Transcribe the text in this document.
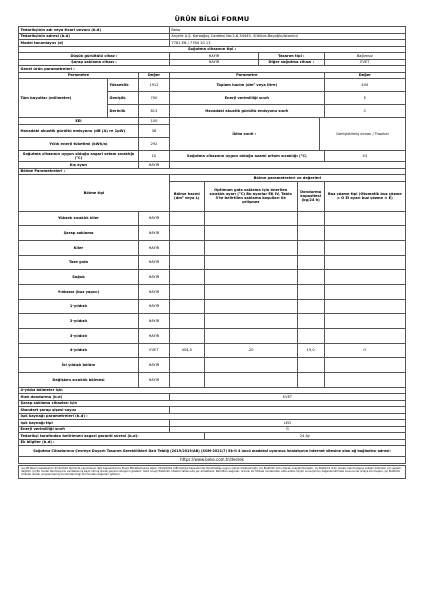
ÜRÜN BİLGİ FORMU
Tedarikçinin adı veya ticari unvanı (b.d)	Beko
Tedarikçinin adresi (b.d)	Arçelik A.Ş. Karaağaç Caddesi No:2-6,34445, Sütlüce-Beyoğlu/İstanbul
Model tanımlayıcı (d)	7781 EB / 7784 20 13
Soğutma cihazının tipi :
Düşük gürültülü cihaz :	HAYIR	Tasarım tipi :	Bağımsız
Şarap saklama cihazı :	HAYIR	Diğer soğutma cihazı :	EVET
Genel ürün parametreleri :
Parametre	Değer	Parametre	Değer
Tüm boyutlar (milimetre)	Yükseklik	1912	Toplam hacim (dm³ veya litre)	404
Genişlik	700	Enerji verimliliği sınıfı	E
Derinlik	813	Havadaki akustik gürültü emisyonu sınıfı	C
EEI	100	
İklim sınıfı :	Genişletilmiş ılıman / Tropikal

Havadaki akustik gürültü emisyonu (dB (A) re 1pW)	38
Yıllık enerji tüketimi (kWh/a)	292
Soğutma cihazının uygun olduğu asgari ortam sıcaklığı (°C)	10	Soğutma cihazının uygun olduğu azami ortam sıcaklığı (°C)	43
Kış ayarı	HAYIR	
Bölme Parametreleri :
Bölme tipi	Bölme parametreleri ve değerleri
Bölme hacmi (dm³ veya L)	Optimum gıda saklama için önerilen sıcaklık ayarı (°C) Bu ayarlar EK IV, Tablo 3'te belirtilen saklama koşulları ile çelişmez	Dondurma kapasitesi (kg/24 h)	Buz çözme tipi (Otomatik buz çözme = O El ayarı buz çözme = E)
Yüksek sıcaklık kiler	HAYIR				
Şarap saklama	HAYIR				
Kiler	HAYIR				
Taze gıda	HAYIR				
Soğuk	HAYIR				
Yıldızsız (buz yapıcı)	HAYIR				
1-yıldızlı	HAYIR				
2-yıldızlı	HAYIR				
3-yıldızlı	HAYIR				
4-yıldızlı	EVET	404,0	-20	19,0	O
İki yıldızlı bölüm	HAYIR				
Değişken sıcaklık bölmesi	HAYIR				
4-yıldız bölmeler için
Hızlı dondurma (b.d)	EVET
Şarap saklama cihazları için
Standart şarap şişesi sayısı	
Işık kaynağı parametreleri (b.d) :
Işık kaynağı tipi	LED
Enerji verimliliği sınıfı	G
Tedarikçi tarafından belirlenen asgari garanti süresi (b.d):	24 Ay
Ek bilgiler (b.d) :
Soğutma Cihazlarının Çevreye Duyarlı Tasarım Gereklilikleri Dair Tebliğ (2019/2019/AB) (SGM-2021/7) Ek-II 4 üncü maddesi uyarınca imalatçının internet sitesine olan ağ bağlantısı adresi:
https://www.beko.com.tr/destek
(a) AB Resmi Gazetesinin 5/12/2019 tarihinde yayımlanan ilgili Kapsamlarına Enerji Etiketlemesine ilişkin 2019/2016 (AB) tüzüğü kapsamında Yönetmeliğe uygun olarak imzalanmıştır. (b) Elektrikli ürün olarak onaylanmamıştır. (c) Elektrikli ürün olarak, kendi başına çalışan bölmeler için geçerli değildir. (d) Bu model tanımlayıcısı veritabanına kayıt olmuş olarak geçerli olduğunu gösterir. Yazılı onaylı Elektrikli cihazlar tabanında yer almaktadır. Belirtilen değerler, ürünün bir fiziksel modelinden elde edilen ölçüm sonuçlarının değerlendirilmesi sonucunda ortaya konmuştur. (e) Elektrikli cihazlar olarak onaylanmamış durumdaki bilgi formundaki değerleri gösterir.
